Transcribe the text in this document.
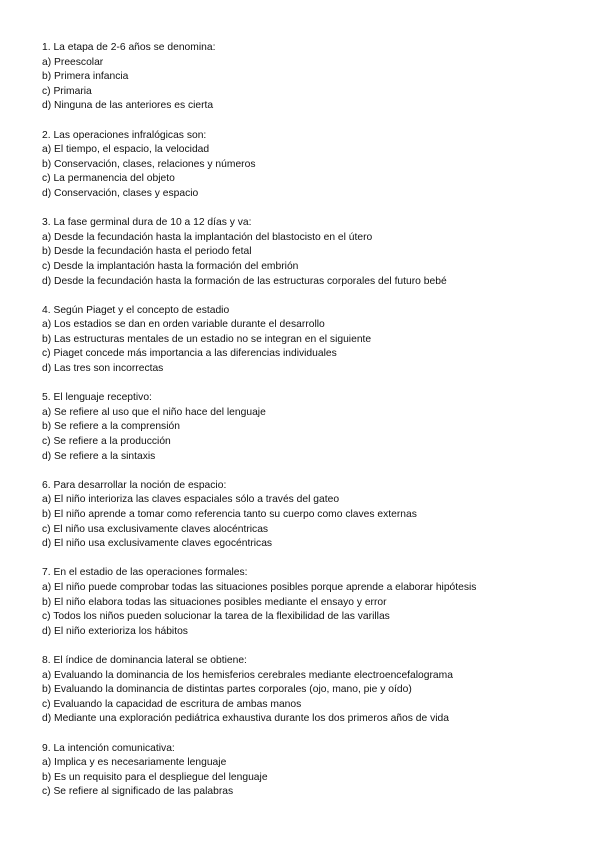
1. La etapa de 2-6 años se denomina:
a) Preescolar
b) Primera infancia
c) Primaria
d) Ninguna de las anteriores es cierta
2. Las operaciones infralógicas son:
a) El tiempo, el espacio, la velocidad
b) Conservación, clases, relaciones y números
c) La permanencia del objeto
d) Conservación, clases y espacio
3. La fase germinal dura de 10 a 12 días y va:
a) Desde la fecundación hasta la implantación del blastocisto en el útero
b) Desde la fecundación hasta el periodo fetal
c) Desde la implantación hasta la formación del embrión
d) Desde la fecundación hasta la formación de las estructuras corporales del futuro bebé
4. Según Piaget y el concepto de estadio
a) Los estadios se dan en orden variable durante el desarrollo
b) Las estructuras mentales de un estadio no se integran en el siguiente
c) Piaget concede más importancia a las diferencias individuales
d) Las tres son incorrectas
5. El lenguaje receptivo:
a) Se refiere al uso que el niño hace del lenguaje
b) Se refiere a la comprensión
c) Se refiere a la producción
d) Se refiere a la sintaxis
6. Para desarrollar la noción de espacio:
a) El niño interioriza las claves espaciales sólo a través del gateo
b) El niño aprende a tomar como referencia tanto su cuerpo como claves externas
c) El niño usa exclusivamente claves alocéntricas
d) El niño usa exclusivamente claves egocéntricas
7. En el estadio de las operaciones formales:
a) El niño puede comprobar todas las situaciones posibles porque aprende a elaborar hipótesis
b) El niño elabora todas las situaciones posibles mediante el ensayo y error
c) Todos los niños pueden solucionar la tarea de la flexibilidad de las varillas
d) El niño exterioriza los hábitos
8. El índice de dominancia lateral se obtiene:
a) Evaluando la dominancia de los hemisferios cerebrales mediante electroencefalograma
b) Evaluando la dominancia de distintas partes corporales (ojo, mano, pie y oído)
c) Evaluando la capacidad de escritura de ambas manos
d) Mediante una exploración pediátrica exhaustiva durante los dos primeros años de vida
9. La intención comunicativa:
a) Implica y es necesariamente lenguaje
b) Es un requisito para el despliegue del lenguaje
c) Se refiere al significado de las palabras
